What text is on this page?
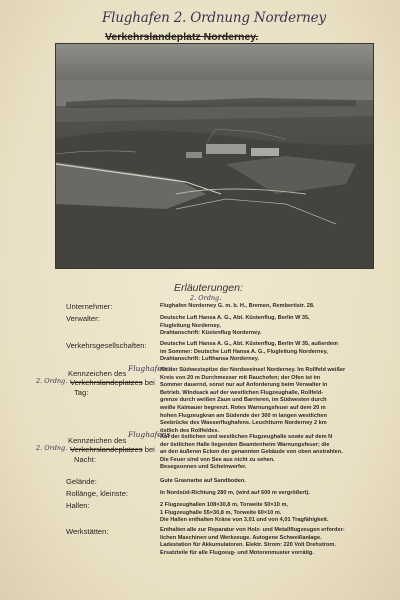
Flughafen 2. Ordnung Norderney
Verkehrslandeplatz Norderney.
Erläuterungen:
Unternehmer:
2. Ordng.
Flughafen Norderney G. m. b. H., Bremen, Rembertistr. 28.
Verwalter:	Deutsche Luft Hansa A. G., Abt. Küstenflug, Berlin W 35,
Flugleitung Norderney,
Drahtanschrift: Küstenflug Norderney.
Verkehrsgesellschaften:	Deutsche Luft Hansa A. G., Abt. Küstenflug, Berlin W 35, außerdem
im Sommer: Deutsche Luft Hansa A. G., Flugleitung Norderney,
Drahtanschrift: Lufthansa Norderney.
Flughafens
Kennzeichen des
2. Ordng. Verkehrslandeplatzes bei
Tag:
An der Südwestspitze der Nordseeinsel Norderney. Im Rollfeld weißer
Kreis von 20 m Durchmesser mit Rauchofen; der Ofen ist im
Sommer dauernd, sonst nur auf Anforderung beim Verwalter in
Betrieb. Windsack auf der westlichen Flugzeughalle, Rollfeld-
grenze durch weißen Zaun und Barrieren, im Südwesten durch
weiße Kalmauer begrenzt. Rotes Warnungsfeuer auf dem 20 m
hohen Flugzeugkran am Südende der 300 m langen westlichen
Seebrücke des Wasserflughafens. Leuchtturm Norderney 2 km
östlich des Rollfeldes.
Flughafens
Kennzeichen des
2. Ordng. Verkehrslandeplatzes bei
Nacht:
Auf der östlichen und westlichen Flugzeughalle sowie auf dem N
der östlichen Halle liegenden Beamtenheim Warnungsfeuer; die
an den äußeren Ecken der genannten Gebäude von oben anstrahlen.
Die Feuer sind von See aus nicht zu sehen.
Besegsonnen und Scheinwerfer.
Gelände:	Gute Grasnarbe auf Sandboden.
Rollänge, kleinste:	In Nordsüd-Richtung 280 m, (wird auf 600 m vergrößert).
Hallen:	2 Flugzeughallen 108×30,8 m, Torweite 50×10 m,
1 Flugzeughalle 55×30,8 m, Torweite 60×10 m.
Die Hallen enthalten Kräne von 3,01 und von 4,01 Tragfähigkeit.
Werkstätten:	Enthalten alle zur Reparatur von Holz- und Metallflugzeugen erforder-
lichen Maschinen und Werkzeuge. Autogene Schweißanlage.
Ladestation für Akkumulatoren. Elektr. Strom: 220 Volt Drehstrom.
Ersatzteile für alle Flugzeug- und Motorenmuster vorrätig.
